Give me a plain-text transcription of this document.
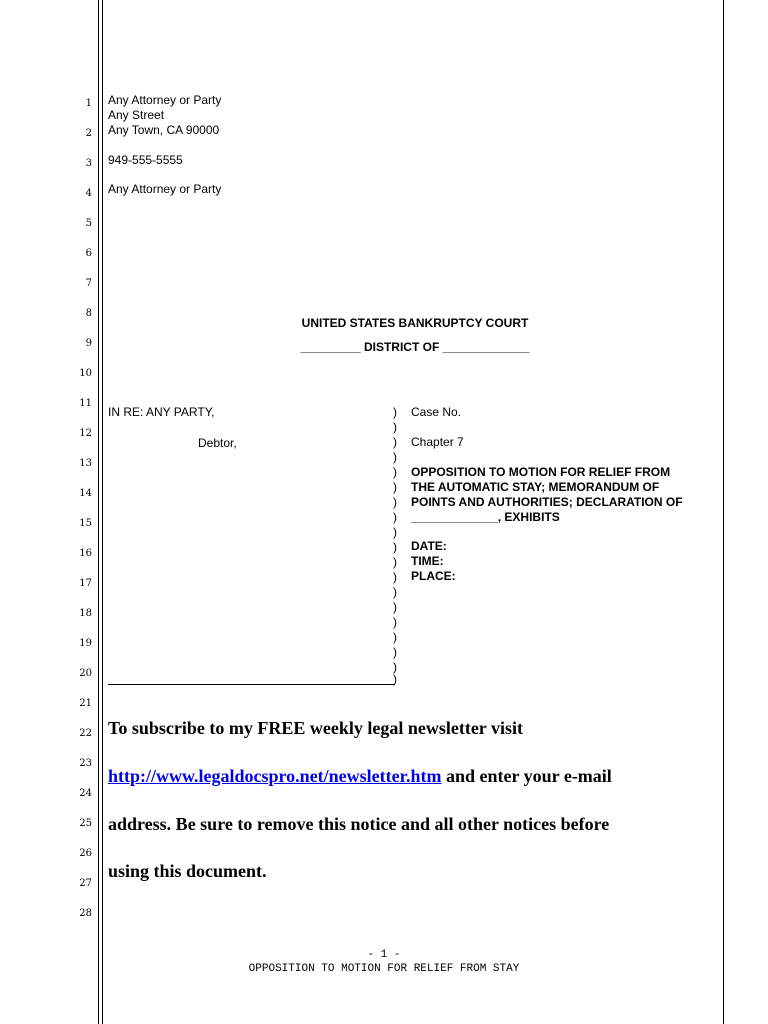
1
2
3
4
5
6
7
8
9
10
11
12
13
14
15
16
17
18
19
20
21
22
23
24
25
26
27
28
Any Attorney or Party
Any Street
Any Town, CA 90000
949-555-5555
Any Attorney or Party
UNITED STATES BANKRUPTCY COURT
_________ DISTRICT OF _____________
IN RE: ANY PARTY,
Debtor,
)
)
)
)
)
)
)
)
)
)
)
)
)
)
)
)
)
)
)
Case No.
Chapter 7
OPPOSITION TO MOTION FOR RELIEF FROM
THE AUTOMATIC STAY; MEMORANDUM OF
POINTS AND AUTHORITIES; DECLARATION OF
_____________, EXHIBITS
DATE:
TIME:
PLACE:
To subscribe to my FREE weekly legal newsletter visit
http://www.legaldocspro.net/newsletter.htm and enter your e-mail
address. Be sure to remove this notice and all other notices before
using this document.
- 1 -
OPPOSITION TO MOTION FOR RELIEF FROM STAY
